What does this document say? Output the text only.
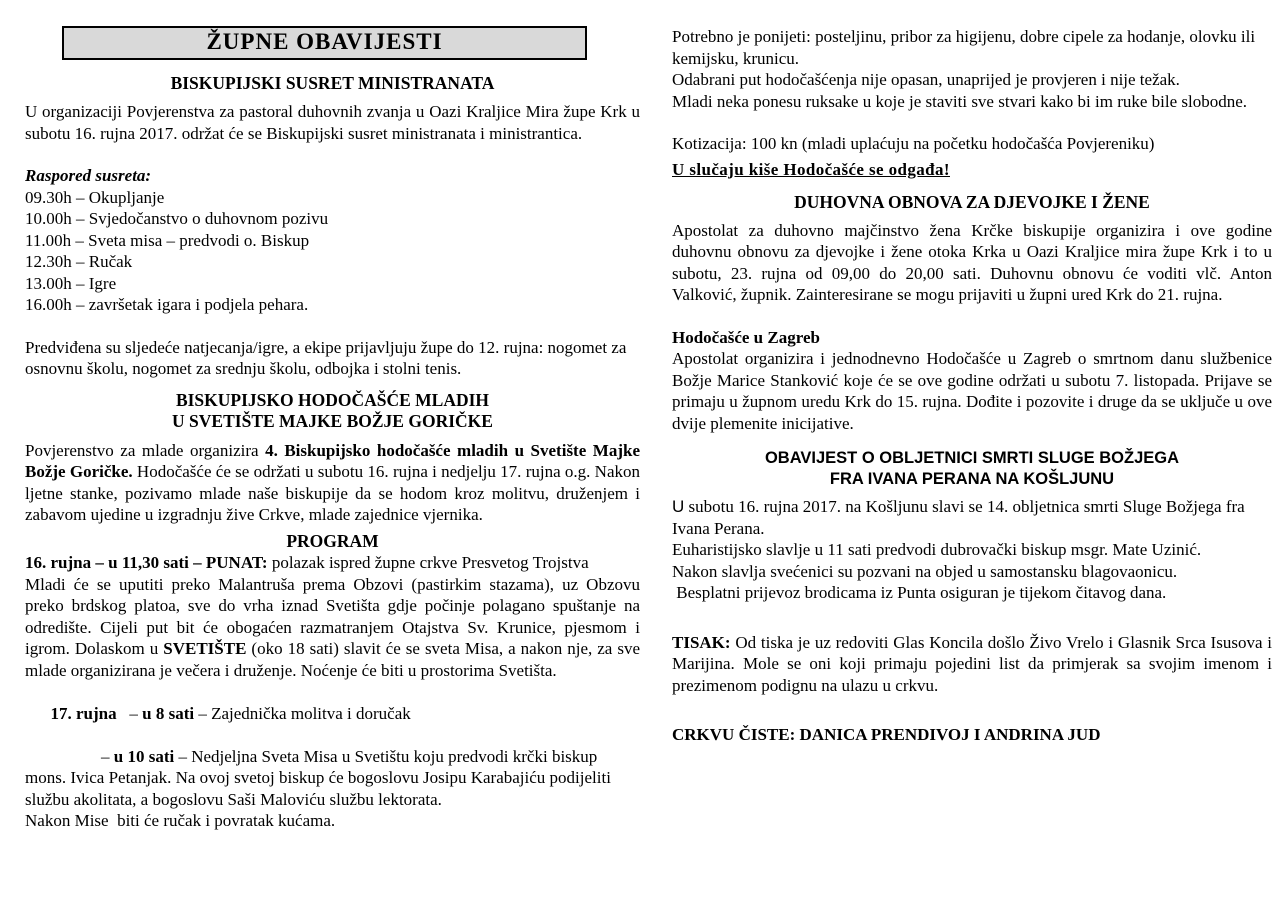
ŽUPNE OBAVIJESTI
BISKUPIJSKI SUSRET MINISTRANATA

U organizaciji Povjerenstva za pastoral duhovnih zvanja u Oazi Kraljice Mira župe Krk u subotu 16. rujna 2017. održat će se Biskupijski susret ministranata i ministrantica.

Raspored susreta:
09.30h – Okupljanje
10.00h – Svjedočanstvo o duhovnom pozivu
11.00h – Sveta misa – predvodi o. Biskup
12.30h – Ručak
13.00h – Igre
16.00h – završetak igara i podjela pehara.

Predviđena su sljedeće natjecanja/igre, a ekipe prijavljuju župe do 12. rujna: nogomet za osnovnu školu, nogomet za srednju školu, odbojka i stolni tenis.

BISKUPIJSKO HODOČAŠĆE MLADIH
U SVETIŠTE MAJKE BOŽJE GORIČKE

Povjerenstvo za mlade organizira 4. Biskupijsko hodočašće mladih u Svetište Majke Božje Goričke. Hodočašće će se održati u subotu 16. rujna i nedjelju 17. rujna o.g. Nakon ljetne stanke, pozivamo mlade naše biskupije da se hodom kroz molitvu, druženjem i zabavom ujedine u izgradnju žive Crkve, mlade zajednice vjernika.

PROGRAM

16. rujna – u 11,30 sati – PUNAT: polazak ispred župne crkve Presvetog Trojstva

Mladi će se uputiti preko Malantruša prema Obzovi (pastirkim stazama), uz Obzovu preko brdskog platoa, sve do vrha iznad Svetišta gdje počinje polagano spuštanje na odredište. Cijeli put bit će obogaćen razmatranjem Otajstva Sv. Krunice, pjesmom i igrom. Dolaskom u SVETIŠTE (oko 18 sati) slavit će se sveta Misa, a nakon nje, za sve mlade organizirana je večera i druženje. Noćenje će biti u prostorima Svetišta.

17. rujna   – u 8 sati – Zajednička molitva i doručak

– u 10 sati – Nedjeljna Sveta Misa u Svetištu koju predvodi krčki biskup mons. Ivica Petanjak. Na ovoj svetoj biskup će bogoslovu Josipu Karabajiću podijeliti službu akolitata, a bogoslovu Saši Maloviću službu lektorata.

Nakon Mise  biti će ručak i povratak kućama.

Potrebno je ponijeti: posteljinu, pribor za higijenu, dobre cipele za hodanje, olovku ili kemijsku, krunicu.

Odabrani put hodočašćenja nije opasan, unaprijed je provjeren i nije težak.

Mladi neka ponesu ruksake u koje je staviti sve stvari kako bi im ruke bile slobodne.

Kotizacija: 100 kn (mladi uplaćuju na početku hodočašća Povjereniku)

U slučaju kiše Hodočašće se odgađa!

DUHOVNA OBNOVA ZA DJEVOJKE I ŽENE

Apostolat za duhovno majčinstvo žena Krčke biskupije organizira i ove godine duhovnu obnovu za djevojke i žene otoka Krka u Oazi Kraljice mira župe Krk i to u subotu, 23. rujna od 09,00 do 20,00 sati. Duhovnu obnovu će voditi vlč. Anton Valković, župnik. Zainteresirane se mogu prijaviti u župni ured Krk do 21. rujna.

Hodočašće u Zagreb

Apostolat organizira i jednodnevno Hodočašće u Zagreb o smrtnom danu službenice Božje Marice Stanković koje će se ove godine održati u subotu 7. listopada. Prijave se primaju u župnom uredu Krk do 15. rujna. Dođite i pozovite i druge da se uključe u ove dvije plemenite inicijative.

OBAVIJEST O OBLJETNICI SMRTI SLUGE BOŽJEGA
FRA IVANA PERANA NA KOŠLJUNU

U subotu 16. rujna 2017. na Košljunu slavi se 14. obljetnica smrti Sluge Božjega fra Ivana Perana.

Euharistijsko slavlje u 11 sati predvodi dubrovački biskup msgr. Mate Uzinić.
Nakon slavlja svećenici su pozvani na objed u samostansku blagovaonicu.
Besplatni prijevoz brodicama iz Punta osiguran je tijekom čitavog dana.

TISAK: Od tiska je uz redoviti Glas Koncila došlo Živo Vrelo i Glasnik Srca Isusova i Marijina. Mole se oni koji primaju pojedini list da primjerak sa svojim imenom i prezimenom podignu na ulazu u crkvu.

CRKVU ČISTE: DANICA PRENDIVOJ I ANDRINA JUD
